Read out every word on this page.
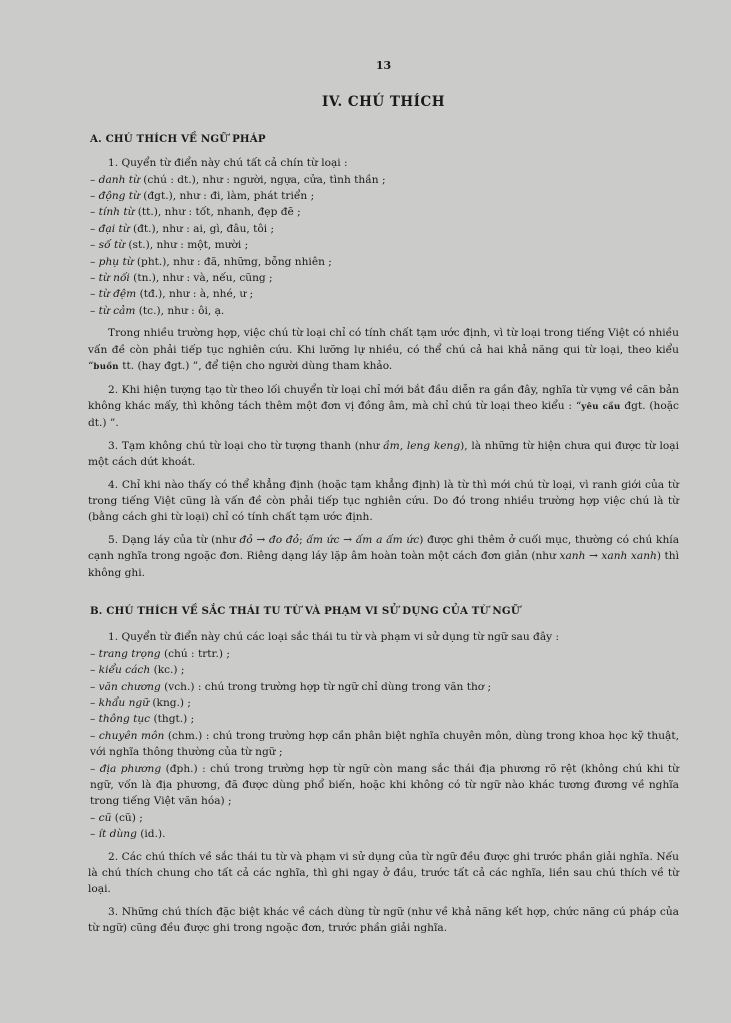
13
IV. CHÚ THÍCH
A. CHÚ THÍCH VỀ NGỮ PHÁP

1. Quyển từ điển này chú tất cả chín từ loại :

– danh từ (chú : dt.), như : người, ngựa, cửa, tình thần ;

– động từ (đgt.), như : đi, làm, phát triển ;

– tính từ (tt.), như : tốt, nhanh, đẹp đẽ ;

– đại từ (đt.), như : ai, gì, đâu, tôi ;

– số từ (st.), như : một, mười ;

– phụ từ (pht.), như : đã, những, bỗng nhiên ;

– từ nối (tn.), như : và, nếu, cũng ;

– từ đệm (tđ.), như : à, nhé, ư ;

– từ cảm (tc.), như : ôi, ạ.

Trong nhiều trường hợp, việc chú từ loại chỉ có tính chất tạm ước định, vì từ loại trong tiếng Việt có nhiều vấn đề còn phải tiếp tục nghiên cứu. Khi lưỡng lự nhiều, có thể chú cả hai khả năng qui từ loại, theo kiểu “buồn tt. (hay đgt.) ”, để tiện cho người dùng tham khảo.

2. Khi hiện tượng tạo từ theo lối chuyển từ loại chỉ mới bắt đầu diễn ra gần đây, nghĩa từ vựng về căn bản không khác mấy, thì không tách thêm một đơn vị đồng âm, mà chỉ chú từ loại theo kiểu : “yêu cầu đgt. (hoặc dt.) ”.

3. Tạm không chú từ loại cho từ tượng thanh (như ầm, leng keng), là những từ hiện chưa qui được từ loại một cách dứt khoát.

4. Chỉ khi nào thấy có thể khẳng định (hoặc tạm khẳng định) là từ thì mới chú từ loại, vì ranh giới của từ trong tiếng Việt cũng là vấn đề còn phải tiếp tục nghiên cứu. Do đó trong nhiều trường hợp việc chú là từ (bằng cách ghi từ loại) chỉ có tính chất tạm ước định.

5. Dạng láy của từ (như đỏ → đo đỏ; ấm ức → ấm a ấm ức) được ghi thêm ở cuối mục, thường có chú khía cạnh nghĩa trong ngoặc đơn. Riêng dạng láy lặp âm hoàn toàn một cách đơn giản (như xanh → xanh xanh) thì không ghi.

B. CHÚ THÍCH VỀ SẮC THÁI TU TỪ VÀ PHẠM VI SỬ DỤNG CỦA TỪ NGỮ

1. Quyển từ điển này chú các loại sắc thái tu từ và phạm vi sử dụng từ ngữ sau đây :

– trang trọng (chú : trtr.) ;

– kiểu cách (kc.) ;

– văn chương (vch.) : chú trong trường hợp từ ngữ chỉ dùng trong văn thơ ;

– khẩu ngữ (kng.) ;

– thông tục (thgt.) ;

– chuyên môn (chm.) : chú trong trường hợp cần phân biệt nghĩa chuyên môn, dùng trong khoa học kỹ thuật, với nghĩa thông thường của từ ngữ ;

– địa phương (đph.) : chú trong trường hợp từ ngữ còn mang sắc thái địa phương rõ rệt (không chú khi từ ngữ, vốn là địa phương, đã được dùng phổ biến, hoặc khi không có từ ngữ nào khác tương đương về nghĩa trong tiếng Việt văn hóa) ;

– cũ (cũ) ;

– ít dùng (id.).

2. Các chú thích về sắc thái tu từ và phạm vi sử dụng của từ ngữ đều được ghi trước phần giải nghĩa. Nếu là chú thích chung cho tất cả các nghĩa, thì ghi ngay ở đầu, trước tất cả các nghĩa, liền sau chú thích về từ loại.

3. Những chú thích đặc biệt khác về cách dùng từ ngữ (như về khả năng kết hợp, chức năng cú pháp của từ ngữ) cũng đều được ghi trong ngoặc đơn, trước phần giải nghĩa.
